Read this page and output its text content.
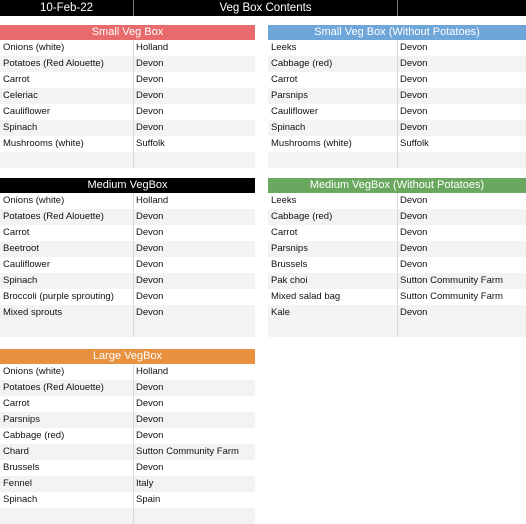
10-Feb-22	Veg Box Contents
Small Veg Box
Onions (white)	Holland
Potatoes (Red Alouette)	Devon
Carrot	Devon
Celeriac	Devon
Cauliflower	Devon
Spinach	Devon
Mushrooms (white)	Suffolk
Small Veg Box (Without Potatoes)
Leeks	Devon
Cabbage (red)	Devon
Carrot	Devon
Parsnips	Devon
Cauliflower	Devon
Spinach	Devon
Mushrooms (white)	Suffolk
Medium VegBox
Onions (white)	Holland
Potatoes (Red Alouette)	Devon
Carrot	Devon
Beetroot	Devon
Cauliflower	Devon
Spinach	Devon
Broccoli (purple sprouting) Devon
Mixed sprouts	Devon
Medium VegBox (Without Potatoes)
Leeks	Devon
Cabbage (red)	Devon
Carrot	Devon
Parsnips	Devon
Brussels	Devon
Pak choi	Sutton Community Farm
Mixed salad bag	Sutton Community Farm
Kale	Devon
Large VegBox
Onions (white)	Holland
Potatoes (Red Alouette)	Devon
Carrot	Devon
Parsnips	Devon
Cabbage (red)	Devon
Chard	Sutton Community Farm
Brussels	Devon
Fennel	Italy
Spinach	Spain
